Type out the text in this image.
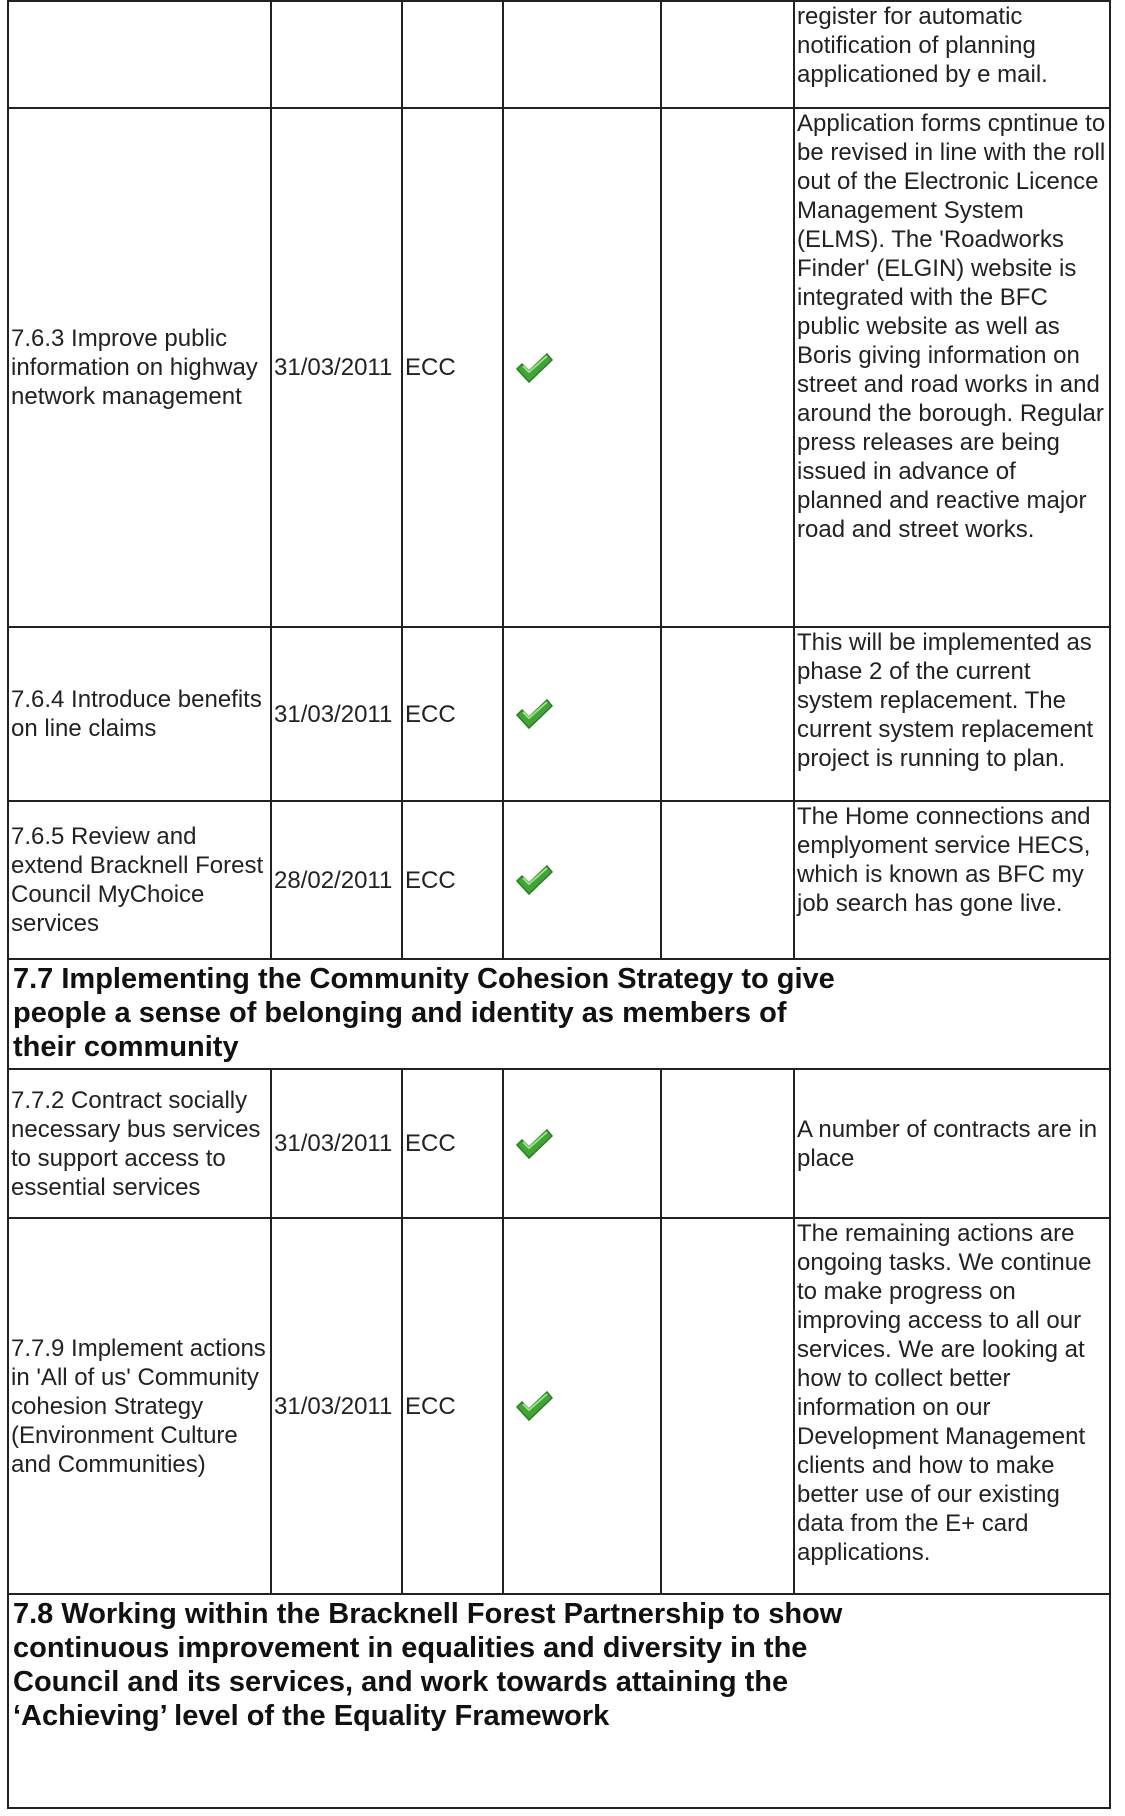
					register for automatic notification of planning applicationed by e mail.
7.6.3 Improve public information on highway network management	31/03/2011	ECC			Application forms cpntinue to be revised in line with the roll out of the Electronic Licence Management System (ELMS). The 'Roadworks Finder' (ELGIN) website is integrated with the BFC public website as well as Boris giving information on street and road works in and around the borough. Regular press releases are being issued in advance of planned and reactive major road and street works.
7.6.4 Introduce benefits on line claims	31/03/2011	ECC			This will be implemented as phase 2 of the current system replacement. The current system replacement project is running to plan.
7.6.5 Review and extend Bracknell Forest Council MyChoice services	28/02/2011	ECC			The Home connections and emplyoment service HECS, which is known as BFC my job search has gone live.

7.7 Implementing the Community Cohesion Strategy to give people a sense of belonging and identity as members of their community					

7.7.2 Contract socially necessary bus services to support access to essential services	31/03/2011	ECC			A number of contracts are in place
7.7.9 Implement actions in 'All of us' Community cohesion Strategy (Environment Culture and Communities)	31/03/2011	ECC			The remaining actions are ongoing tasks. We continue to make progress on improving access to all our services. We are looking at how to collect better information on our Development Management clients and how to make better use of our existing data from the E+ card applications.

7.8 Working within the Bracknell Forest Partnership to show continuous improvement in equalities and diversity in the Council and its services, and work towards attaining the ‘Achieving’ level of the Equality Framework					
